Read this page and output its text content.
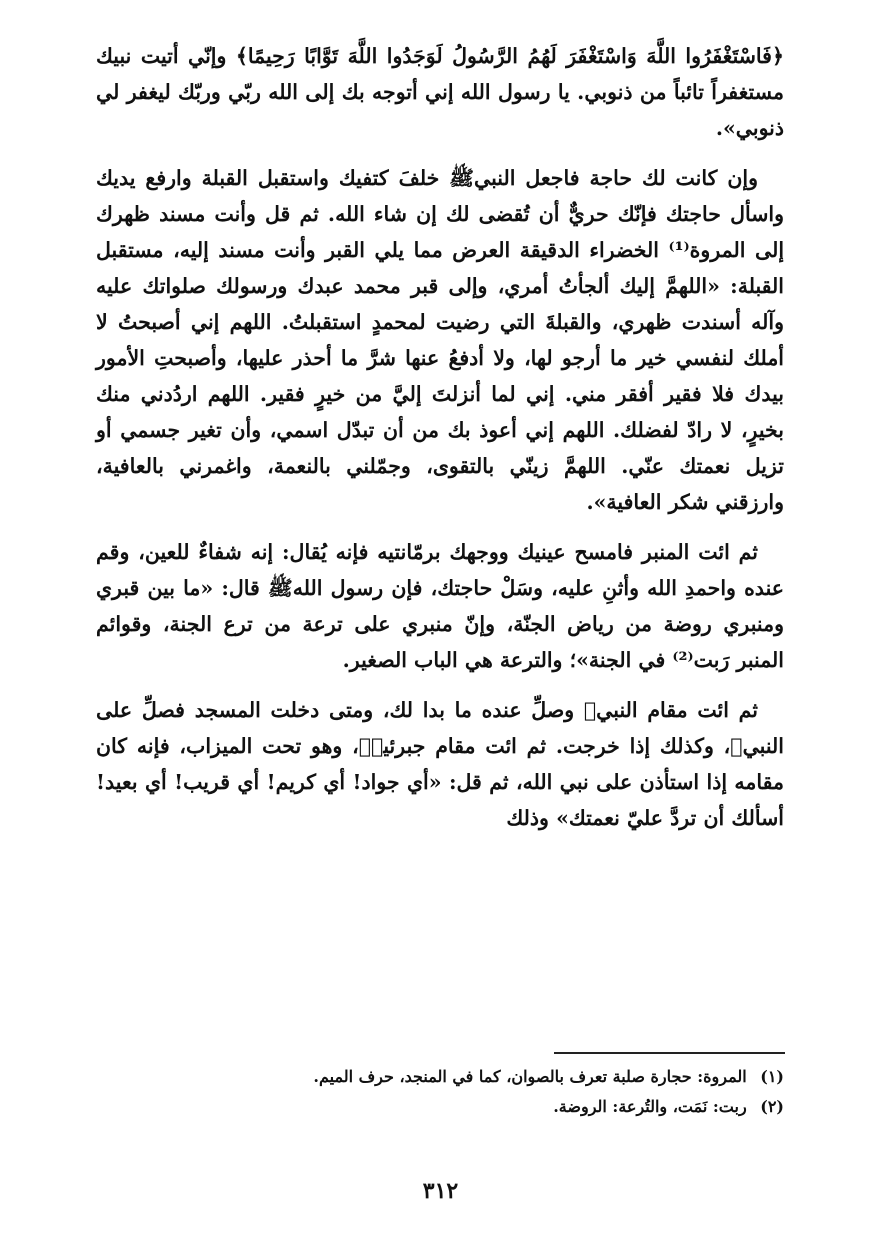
﴿فَاسْتَغْفَرُوا اللَّهَ وَاسْتَغْفَرَ لَهُمُ الرَّسُولُ لَوَجَدُوا اللَّهَ تَوَّابًا رَحِيمًا﴾ وإنّي أتيت نبيك مستغفراً تائباً من ذنوبي. يا رسول الله إني أتوجه بك إلى الله ربّي وربّك ليغفر لي ذنوبي».

وإن كانت لك حاجة فاجعل النبيﷺ خلفَ كتفيك واستقبل القبلة وارفع يديك واسأل حاجتك فإنّك حريٌّ أن تُقضى لك إن شاء الله. ثم قل وأنت مسند ظهرك إلى المروة⁽¹⁾ الخضراء الدقيقة العرض مما يلي القبر وأنت مسند إليه، مستقبل القبلة: «اللهمَّ إليك ألجأتُ أمري، وإلى قبر محمد عبدك ورسولك صلواتك عليه وآله أسندت ظهري، والقبلةَ التي رضيت لمحمدٍ استقبلتُ. اللهم إني أصبحتُ لا أملك لنفسي خير ما أرجو لها، ولا أدفعُ عنها شرَّ ما أحذر عليها، وأصبحتِ الأمور بيدك فلا فقير أفقر مني. إني لما أنزلتَ إليَّ من خيرٍ فقير. اللهم اردُدني منك بخيرٍ، لا رادّ لفضلك. اللهم إني أعوذ بك من أن تبدّل اسمي، وأن تغير جسمي أو تزيل نعمتك عنّي. اللهمَّ زينّي بالتقوى، وجمّلني بالنعمة، واغمرني بالعافية، وارزقني شكر العافية».

ثم ائت المنبر فامسح عينيك ووجهك برمّانتيه فإنه يُقال: إنه شفاءٌ للعين، وقم عنده واحمدِ الله وأثنِ عليه، وسَلْ حاجتك، فإن رسول اللهﷺ قال: «ما بين قبري ومنبري روضة من رياض الجنّة، وإنّ منبري على ترعة من ترع الجنة، وقوائم المنبر رَبت⁽²⁾ في الجنة»؛ والترعة هي الباب الصغير.

ثم ائت مقام النبيﷺ وصلِّ عنده ما بدا لك، ومتى دخلت المسجد فصلِّ على النبيﷺ، وكذلك إذا خرجت. ثم ائت مقام جبرئيلؑ، وهو تحت الميزاب، فإنه كان مقامه إذا استأذن على نبي الله، ثم قل: «أي جواد! أي كريم! أي قريب! أي بعيد! أسألك أن تردَّ عليّ نعمتك» وذلك

(١) المروة: حجارة صلبة تعرف بالصوان، كما في المنجد، حرف الميم.

(٢) ربت: نَمَت، والتُرعة: الروضة.

٣١٢
